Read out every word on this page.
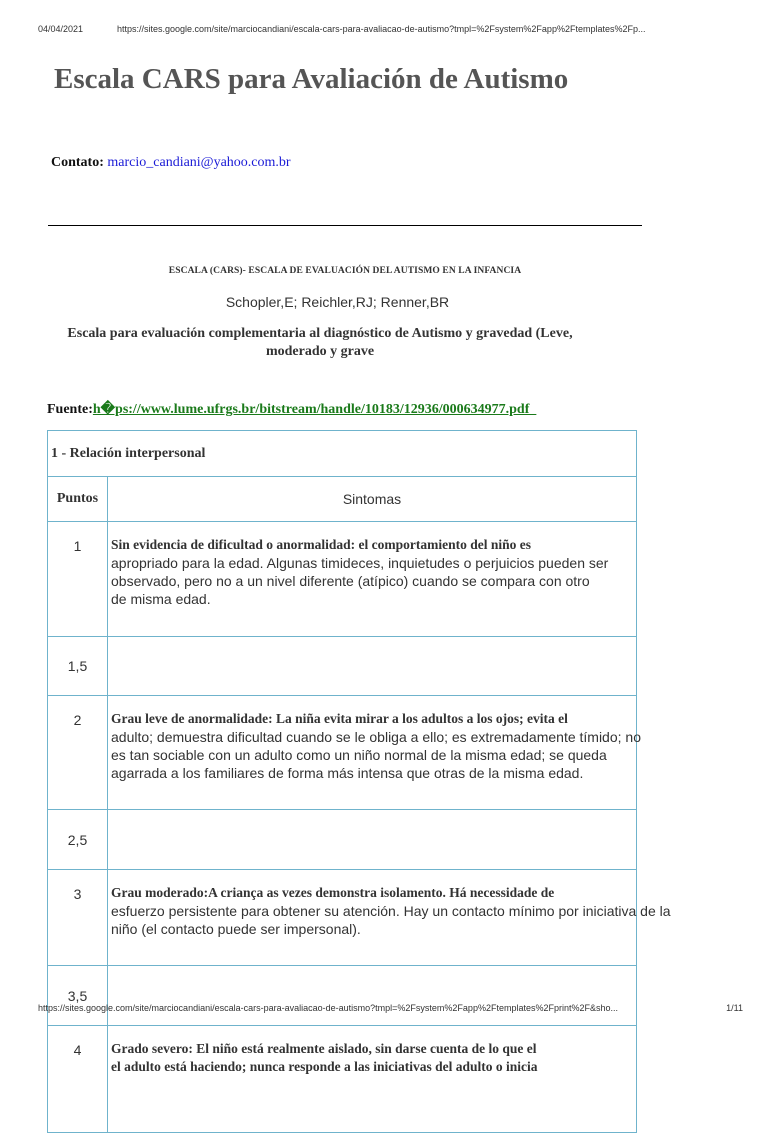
04/04/2021	https://sites.google.com/site/marciocandiani/escala-cars-para-avaliacao-de-autismo?tmpl=%2Fsystem%2Fapp%2Ftemplates%2Fp...
Escala CARS para Avaliación de Autismo
Contato: marcio_candiani@yahoo.com.br
ESCALA (CARS)- ESCALA DE EVALUACIÓN DEL AUTISMO EN LA INFANCIA
Schopler,E; Reichler,RJ; Renner,BR
Escala para evaluación complementaria al diagnóstico de Autismo y gravedad (Leve, moderado y grave
Fuente:h�ps://www.lume.ufrgs.br/bitstream/handle/10183/12936/000634977.pdf
1 - Relación interpersonal	
Puntos	Sintomas
1	Sin evidencia de dificultad o anormalidad: el comportamiento del niño es
apropriado para la edad. Algunas timideces, inquietudes o perjuicios pueden ser
observado, pero no a un nivel diferente (atípico) cuando se compara con otro
de misma edad.

1,5	
2	Grau leve de anormalidade: La niña evita mirar a los adultos a los ojos; evita el
adulto; demuestra dificultad cuando se le obliga a ello; es extremadamente tímido; no
es tan sociable con un adulto como un niño normal de la misma edad; se queda
agarrada a los familiares de forma más intensa que otras de la misma edad.

2,5	
3	Grau moderado:A criança as vezes demonstra isolamento. Há necessidade de
esfuerzo persistente para obtener su atención. Hay un contacto mínimo por iniciativa de la
niño (el contacto puede ser impersonal).

3,5	
4	Grado severo: El niño está realmente aislado, sin darse cuenta de lo que el
el adulto está haciendo; nunca responde a las iniciativas del adulto o inicia
https://sites.google.com/site/marciocandiani/escala-cars-para-avaliacao-de-autismo?tmpl=%2Fsystem%2Fapp%2Ftemplates%2Fprint%2F&sho...	1/11
